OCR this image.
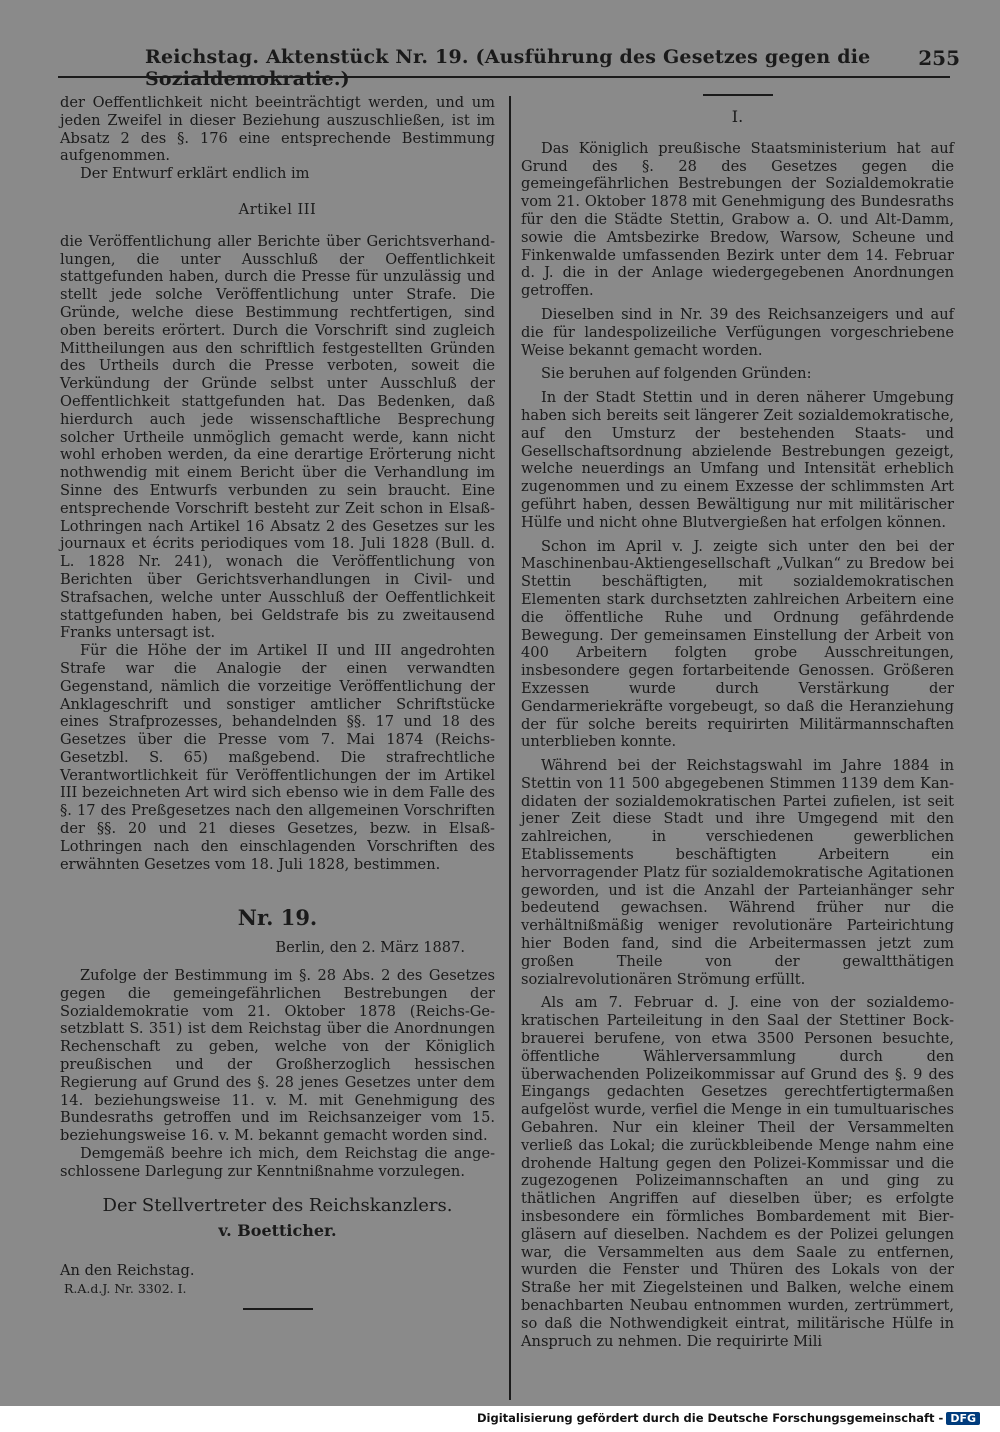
Reichstag. Aktenstück Nr. 19. (Ausführung des Gesetzes gegen die Sozialdemokratie.)
255

der Oeffentlichkeit nicht beeinträchtigt werden, und um jeden Zweifel in dieser Beziehung auszuschließen, ist im Absatz 2 des §. 176 eine entsprechende Bestimmung aufgenommen.

Der Entwurf erklärt endlich im

Artikel III

die Veröffentlichung aller Berichte über Gerichtsverhandlungen, die unter Ausschluß der Oeffentlichkeit stattgefunden haben, durch die Presse für unzulässig und stellt jede solche Veröffentlichung unter Strafe. Die Gründe, welche diese Bestimmung rechtfertigen, sind oben bereits erörtert. Durch die Vorschrift sind zugleich Mittheilungen aus den schriftlich festgestellten Gründen des Urtheils durch die Presse verboten, soweit die Verkündung der Gründe selbst unter Ausschluß der Oeffentlichkeit stattgefunden hat. Das Bedenken, daß hierdurch auch jede wissenschaftliche Besprechung solcher Urtheile unmöglich gemacht werde, kann nicht wohl erhoben werden, da eine derartige Erörterung nicht nothwendig mit einem Bericht über die Verhandlung im Sinne des Entwurfs verbunden zu sein braucht. Eine entsprechende Vorschrift besteht zur Zeit schon in Elsaß-Lothringen nach Artikel 16 Absatz 2 des Gesetzes sur les journaux et écrits periodiques vom 18. Juli 1828 (Bull. d. L. 1828 Nr. 241), wonach die Veröffentlichung von Berichten über Gerichtsverhandlungen in Civil- und Strafsachen, welche unter Ausschluß der Oeffentlichkeit stattgefunden haben, bei Geldstrafe bis zu zweitausend Franks untersagt ist.

Für die Höhe der im Artikel II und III angedrohten Strafe war die Analogie der einen verwandten Gegenstand, nämlich die vorzeitige Veröffentlichung der Anklageschrift und sonstiger amtlicher Schriftstücke eines Strafprozesses, behandelnden §§. 17 und 18 des Gesetzes über die Presse vom 7. Mai 1874 (Reichs-Gesetzbl. S. 65) maßgebend. Die strafrechtliche Verantwortlichkeit für Veröffentlichungen der im Artikel III bezeichneten Art wird sich ebenso wie in dem Falle des §. 17 des Preßgesetzes nach den allgemeinen Vorschriften der §§. 20 und 21 dieses Gesetzes, bezw. in Elsaß-Lothringen nach den einschlagenden Vorschriften des erwähnten Gesetzes vom 18. Juli 1828, bestimmen.

Nr. 19.
Berlin, den 2. März 1887.

Zufolge der Bestimmung im §. 28 Abs. 2 des Gesetzes gegen die gemeingefährlichen Bestrebungen der Sozialdemokratie vom 21. Oktober 1878 (Reichs-Gesetzblatt S. 351) ist dem Reichstag über die Anordnungen Rechenschaft zu geben, welche von der Königlich preußischen und der Großherzoglich hessischen Regierung auf Grund des §. 28 jenes Gesetzes unter dem 14. beziehungsweise 11. v. M. mit Genehmigung des Bundesraths getroffen und im Reichsanzeiger vom 15. beziehungsweise 16. v. M. bekannt gemacht worden sind.

Demgemäß beehre ich mich, dem Reichstag die angeschlossene Darlegung zur Kenntnißnahme vorzulegen.

Der Stellvertreter des Reichskanzlers.
v. Boetticher.
An den Reichstag.
R.A.d.J. Nr. 3302. I.
I.

Das Königlich preußische Staatsministerium hat auf Grund des §. 28 des Gesetzes gegen die gemeingefährlichen Bestrebungen der Sozialdemokratie vom 21. Oktober 1878 mit Genehmigung des Bundesraths für den die Städte Stettin, Grabow a. O. und Alt-Damm, sowie die Amtsbezirke Bredow, Warsow, Scheune und Finkenwalde umfassenden Bezirk unter dem 14. Februar d. J. die in der Anlage wiedergegebenen Anordnungen getroffen.

Dieselben sind in Nr. 39 des Reichsanzeigers und auf die für landespolizeiliche Verfügungen vorgeschriebene Weise bekannt gemacht worden.

Sie beruhen auf folgenden Gründen:

In der Stadt Stettin und in deren näherer Umgebung haben sich bereits seit längerer Zeit sozialdemokratische, auf den Umsturz der bestehenden Staats- und Gesellschaftsordnung abzielende Bestrebungen gezeigt, welche neuerdings an Umfang und Intensität erheblich zugenommen und zu einem Exzesse der schlimmsten Art geführt haben, dessen Bewältigung nur mit militärischer Hülfe und nicht ohne Blutvergießen hat erfolgen können.

Schon im April v. J. zeigte sich unter den bei der Maschinenbau-Aktiengesellschaft „Vulkan“ zu Bredow bei Stettin beschäftigten, mit sozialdemokratischen Elementen stark durchsetzten zahlreichen Arbeitern eine die öffentliche Ruhe und Ordnung gefährdende Bewegung. Der gemeinsamen Einstellung der Arbeit von 400 Arbeitern folgten grobe Ausschreitungen, insbesondere gegen fortarbeitende Genossen. Größeren Exzessen wurde durch Verstärkung der Gendarmeriekräfte vorgebeugt, so daß die Heranziehung der für solche bereits requirirten Militärmannschaften unterblieben konnte.

Während bei der Reichstagswahl im Jahre 1884 in Stettin von 11 500 abgegebenen Stimmen 1139 dem Kandidaten der sozialdemokratischen Partei zufielen, ist seit jener Zeit diese Stadt und ihre Umgegend mit den zahlreichen, in verschiedenen gewerblichen Etablissements beschäftigten Arbeitern ein hervorragender Platz für sozialdemokratische Agitationen geworden, und ist die Anzahl der Parteianhänger sehr bedeutend gewachsen. Während früher nur die verhältnißmäßig weniger revolutionäre Parteirichtung hier Boden fand, sind die Arbeitermassen jetzt zum großen Theile von der gewaltthätigen sozialrevolutionären Strömung erfüllt.

Als am 7. Februar d. J. eine von der sozialdemokratischen Parteileitung in den Saal der Stettiner Bockbrauerei berufene, von etwa 3500 Personen besuchte, öffentliche Wählerversammlung durch den überwachenden Polizeikommissar auf Grund des §. 9 des Eingangs gedachten Gesetzes gerechtfertigtermaßen aufgelöst wurde, verfiel die Menge in ein tumultuarisches Gebahren. Nur ein kleiner Theil der Versammelten verließ das Lokal; die zurückbleibende Menge nahm eine drohende Haltung gegen den Polizei-Kommissar und die zugezogenen Polizeimannschaften an und ging zu thätlichen Angriffen auf dieselben über; es erfolgte insbesondere ein förmliches Bombardement mit Biergläsern auf dieselben. Nachdem es der Polizei gelungen war, die Versammelten aus dem Saale zu entfernen, wurden die Fenster und Thüren des Lokals von der Straße her mit Ziegelsteinen und Balken, welche einem benachbarten Neubau entnommen wurden, zertrümmert, so daß die Nothwendigkeit eintrat, militärische Hülfe in Anspruch zu nehmen. Die requirirte Mili

Digitalisierung gefördert durch die Deutsche Forschungsgemeinschaft - DFG
